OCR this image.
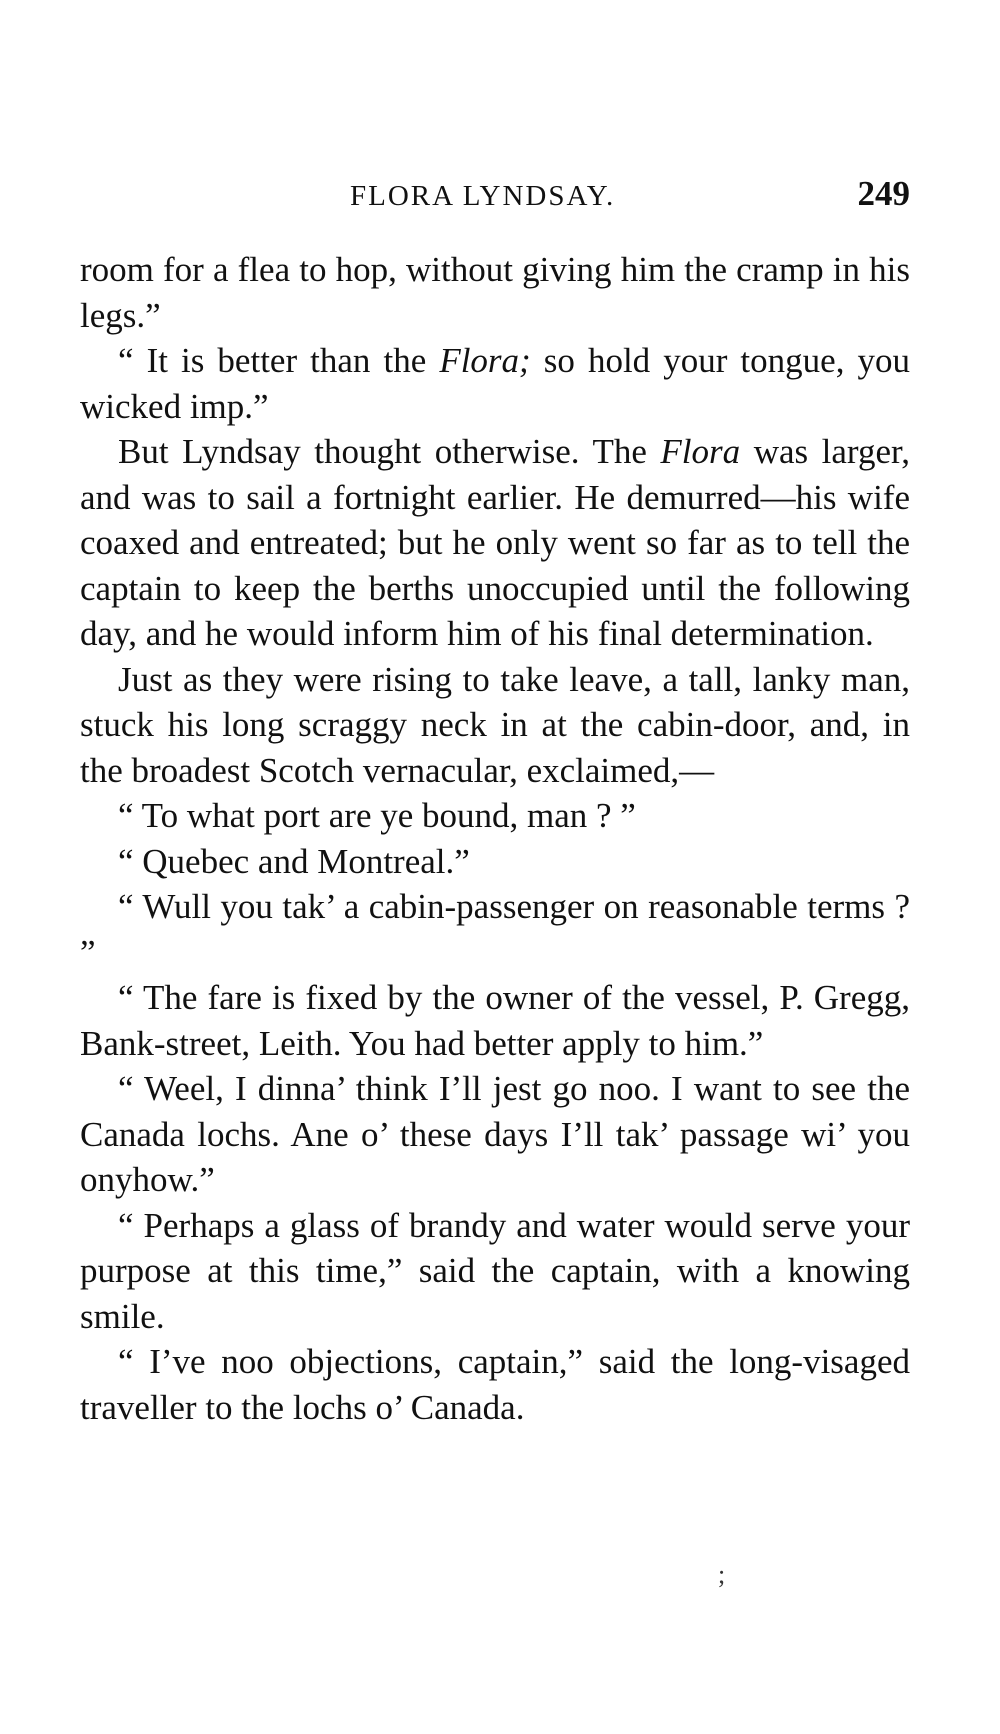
FLORA LYNDSAY.	249

room for a flea to hop, without giving him the cramp in his legs.”

“ It is better than the Flora; so hold your tongue, you wicked imp.”

But Lyndsay thought otherwise. The Flora was larger, and was to sail a fortnight earlier. He demurred—his wife coaxed and entreated; but he only went so far as to tell the captain to keep the berths unoccupied until the following day, and he would inform him of his final determination.

Just as they were rising to take leave, a tall, lanky man, stuck his long scraggy neck in at the cabin-door, and, in the broadest Scotch vernacular, exclaimed,—

“ To what port are ye bound, man ? ”

“ Quebec and Montreal.”

“ Wull you tak’ a cabin-passenger on reasonable terms ? ”

“ The fare is fixed by the owner of the vessel, P. Gregg, Bank-street, Leith. You had better apply to him.”

“ Weel, I dinna’ think I’ll jest go noo. I want to see the Canada lochs. Ane o’ these days I’ll tak’ passage wi’ you onyhow.”

“ Perhaps a glass of brandy and water would serve your purpose at this time,” said the captain, with a knowing smile.

“ I’ve noo objections, captain,” said the long-visaged traveller to the lochs o’ Canada.

;
